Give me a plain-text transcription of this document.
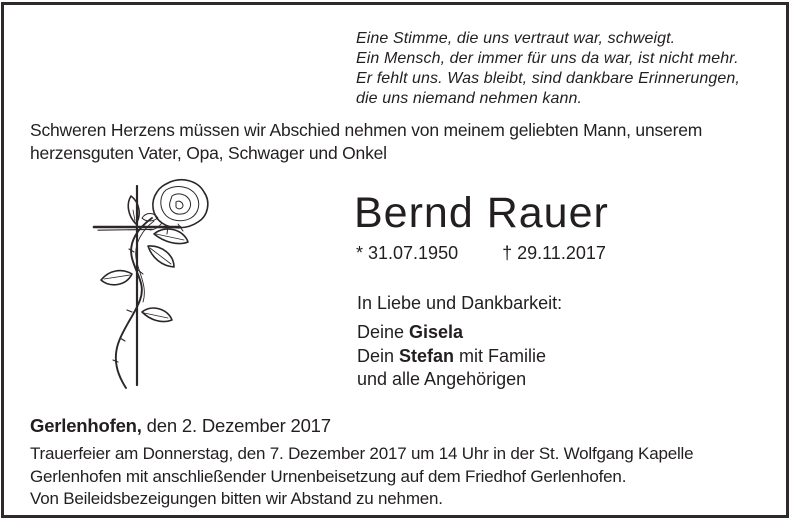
Eine Stimme, die uns vertraut war, schweigt.
Ein Mensch, der immer für uns da war, ist nicht mehr.
Er fehlt uns. Was bleibt, sind dankbare Erinnerungen,
die uns niemand nehmen kann.
Schweren Herzens müssen wir Abschied nehmen von meinem geliebten Mann, unserem
herzensguten Vater, Opa, Schwager und Onkel
Bernd Rauer
* 31.07.1950 † 29.11.2017
In Liebe und Dankbarkeit:
Deine Gisela
Dein Stefan mit Familie
und alle Angehörigen
Gerlenhofen, den 2. Dezember 2017
Trauerfeier am Donnerstag, den 7. Dezember 2017 um 14 Uhr in der St. Wolfgang Kapelle
Gerlenhofen mit anschließender Urnenbeisetzung auf dem Friedhof Gerlenhofen.
Von Beileidsbezeigungen bitten wir Abstand zu nehmen.
